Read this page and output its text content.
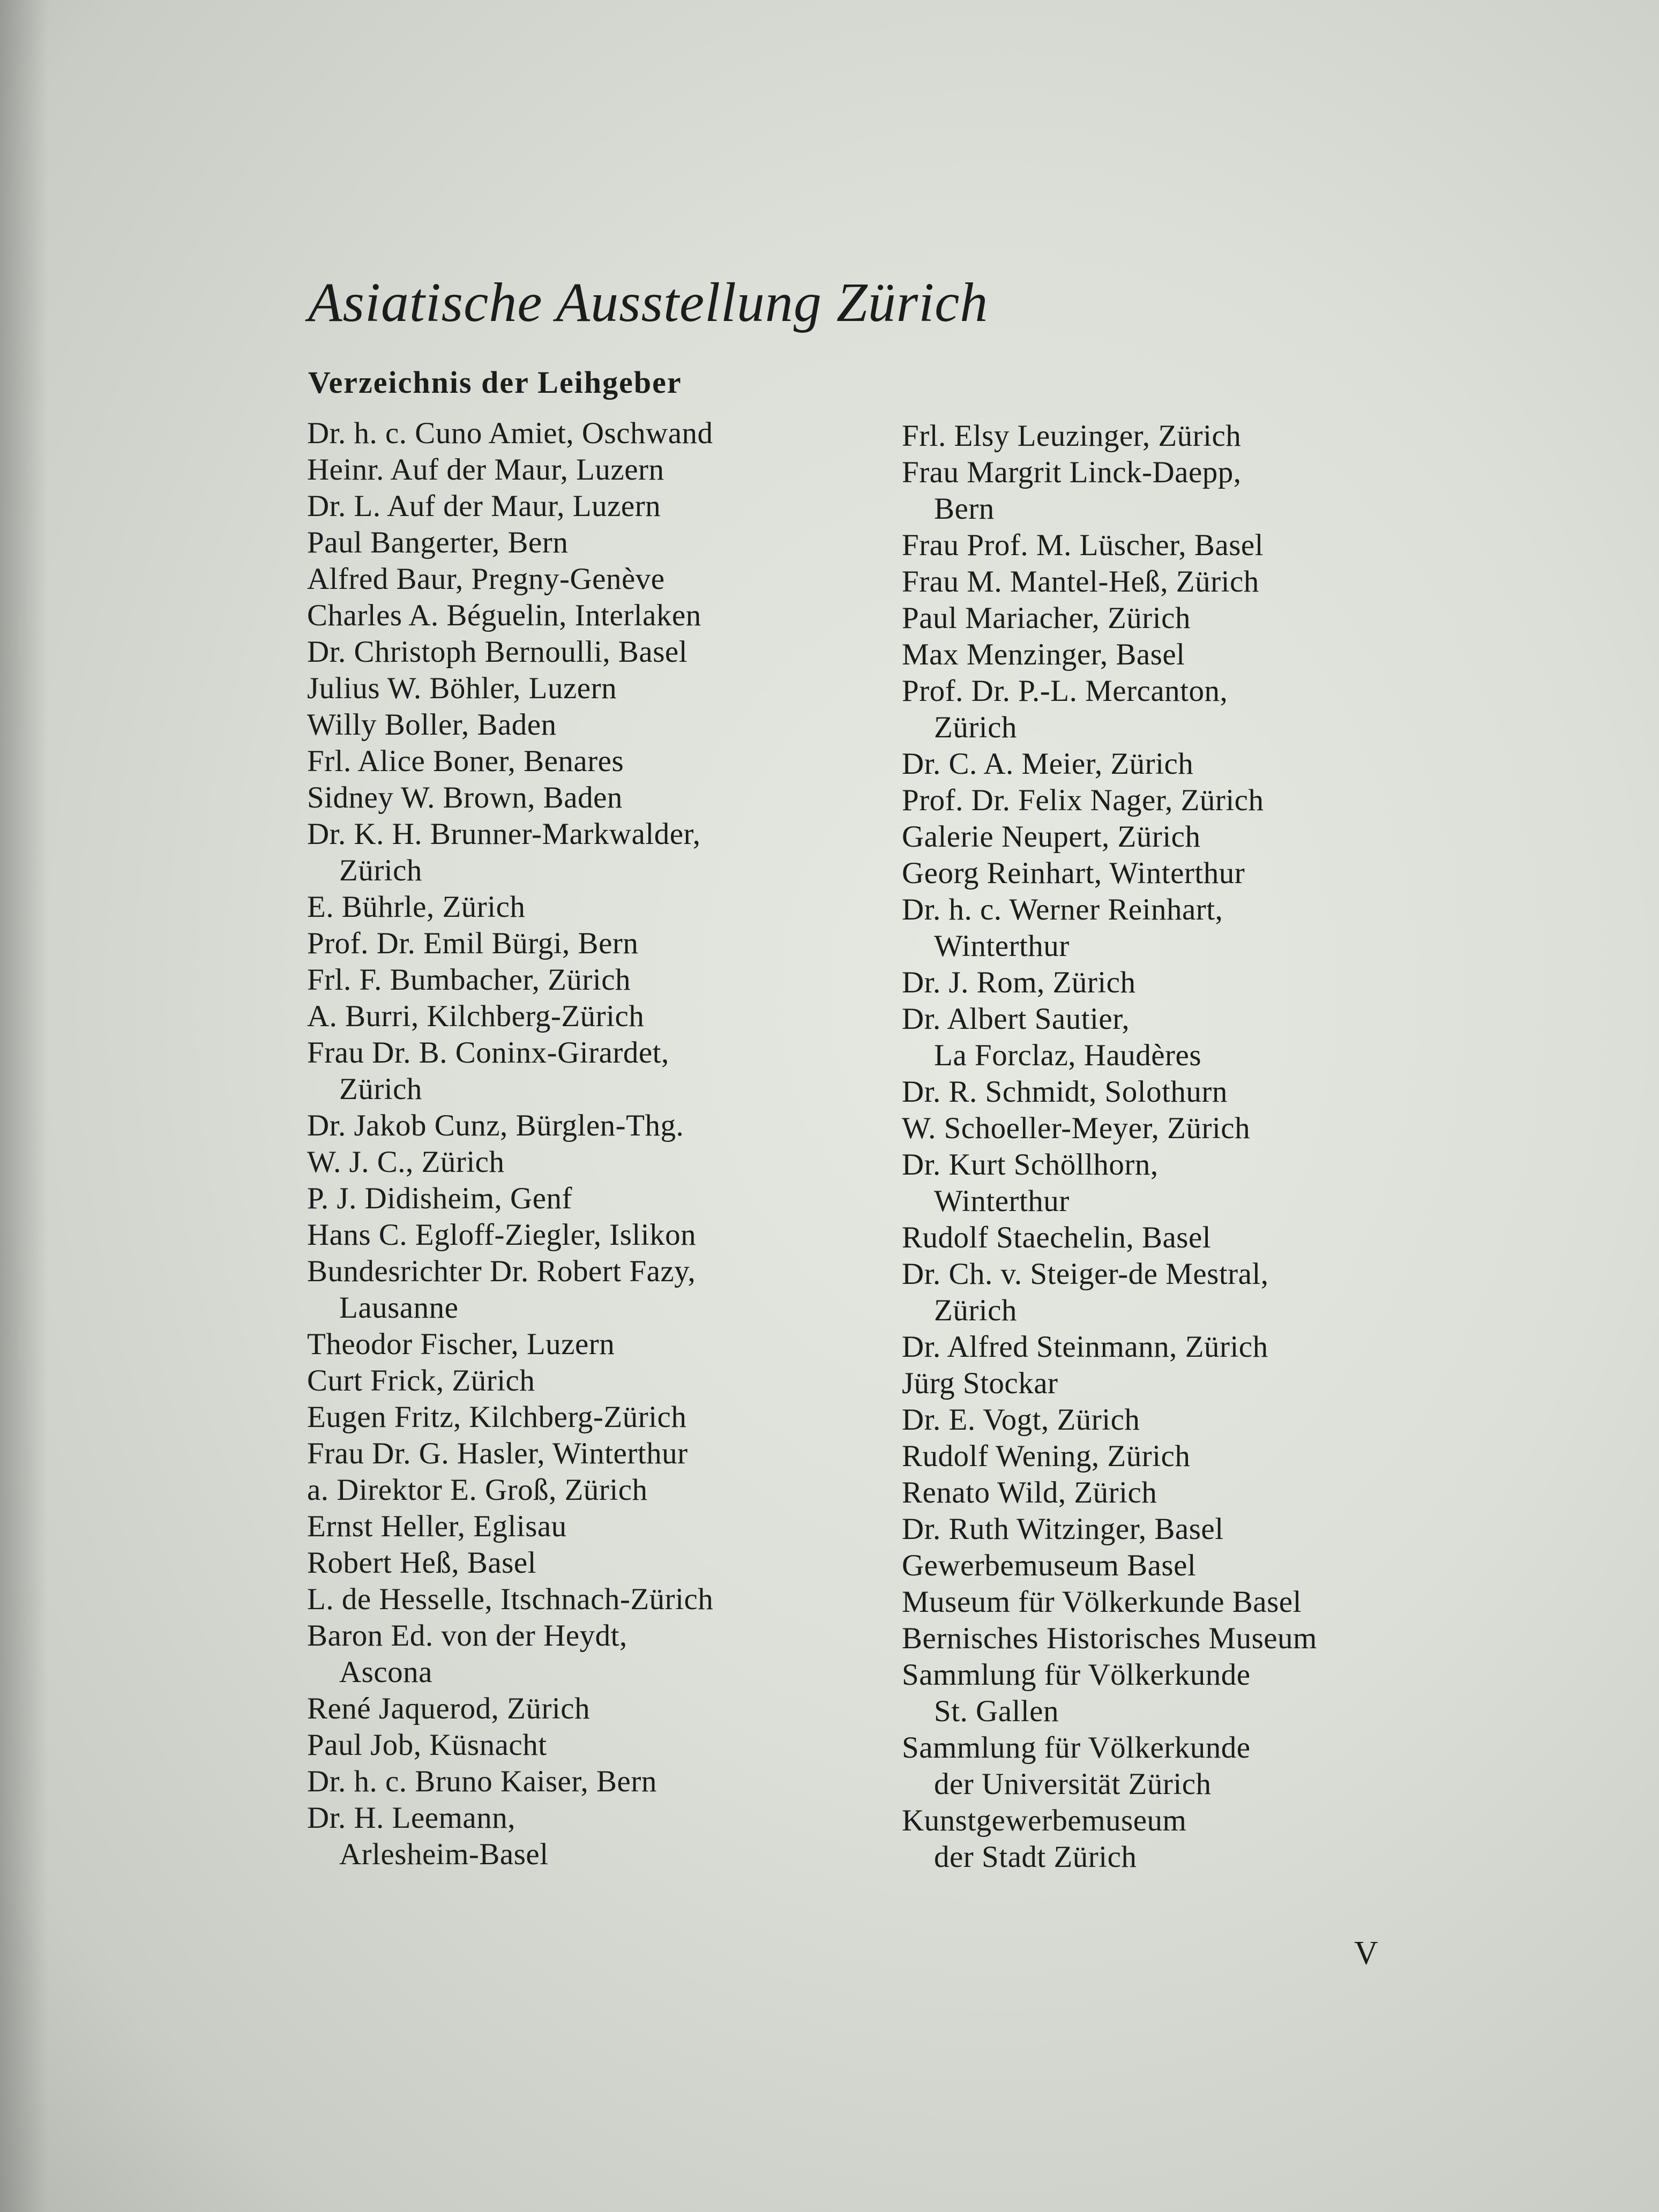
Asiatische Ausstellung Zürich
Verzeichnis der Leihgeber
Dr. h. c. Cuno Amiet, Oschwand
Heinr. Auf der Maur, Luzern
Dr. L. Auf der Maur, Luzern
Paul Bangerter, Bern
Alfred Baur, Pregny-Genève
Charles A. Béguelin, Interlaken
Dr. Christoph Bernoulli, Basel
Julius W. Böhler, Luzern
Willy Boller, Baden
Frl. Alice Boner, Benares
Sidney W. Brown, Baden
Dr. K. H. Brunner-Markwalder,
Zürich
E. Bührle, Zürich
Prof. Dr. Emil Bürgi, Bern
Frl. F. Bumbacher, Zürich
A. Burri, Kilchberg-Zürich
Frau Dr. B. Coninx-Girardet,
Zürich
Dr. Jakob Cunz, Bürglen-Thg.
W. J. C., Zürich
P. J. Didisheim, Genf
Hans C. Egloff-Ziegler, Islikon
Bundesrichter Dr. Robert Fazy,
Lausanne
Theodor Fischer, Luzern
Curt Frick, Zürich
Eugen Fritz, Kilchberg-Zürich
Frau Dr. G. Hasler, Winterthur
a. Direktor E. Groß, Zürich
Ernst Heller, Eglisau
Robert Heß, Basel
L. de Hesselle, Itschnach-Zürich
Baron Ed. von der Heydt,
Ascona
René Jaquerod, Zürich
Paul Job, Küsnacht
Dr. h. c. Bruno Kaiser, Bern
Dr. H. Leemann,
Arlesheim-Basel
Frl. Elsy Leuzinger, Zürich
Frau Margrit Linck-Daepp,
Bern
Frau Prof. M. Lüscher, Basel
Frau M. Mantel-Heß, Zürich
Paul Mariacher, Zürich
Max Menzinger, Basel
Prof. Dr. P.-L. Mercanton,
Zürich
Dr. C. A. Meier, Zürich
Prof. Dr. Felix Nager, Zürich
Galerie Neupert, Zürich
Georg Reinhart, Winterthur
Dr. h. c. Werner Reinhart,
Winterthur
Dr. J. Rom, Zürich
Dr. Albert Sautier,
La Forclaz, Haudères
Dr. R. Schmidt, Solothurn
W. Schoeller-Meyer, Zürich
Dr. Kurt Schöllhorn,
Winterthur
Rudolf Staechelin, Basel
Dr. Ch. v. Steiger-de Mestral,
Zürich
Dr. Alfred Steinmann, Zürich
Jürg Stockar
Dr. E. Vogt, Zürich
Rudolf Wening, Zürich
Renato Wild, Zürich
Dr. Ruth Witzinger, Basel
Gewerbemuseum Basel
Museum für Völkerkunde Basel
Bernisches Historisches Museum
Sammlung für Völkerkunde
St. Gallen
Sammlung für Völkerkunde
der Universität Zürich
Kunstgewerbemuseum
der Stadt Zürich
V
